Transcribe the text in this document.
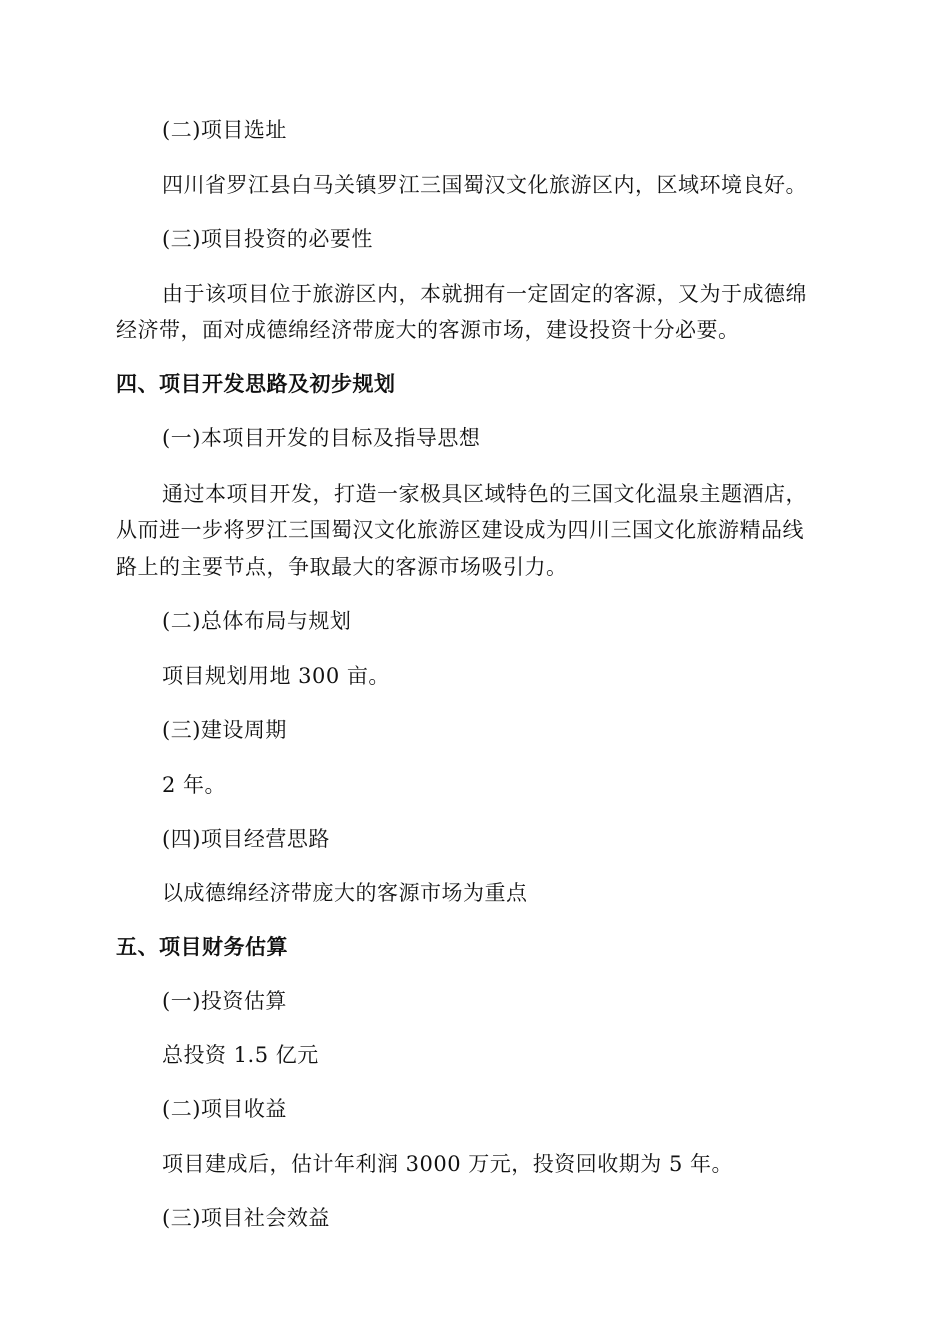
(二)项目选址
四川省罗江县白马关镇罗江三国蜀汉文化旅游区内，区域环境良好。
(三)项目投资的必要性
由于该项目位于旅游区内，本就拥有一定固定的客源，又为于成德绵
经济带，面对成德绵经济带庞大的客源市场，建设投资十分必要。
四、项目开发思路及初步规划
(一)本项目开发的目标及指导思想
通过本项目开发，打造一家极具区域特色的三国文化温泉主题酒店，
从而进一步将罗江三国蜀汉文化旅游区建设成为四川三国文化旅游精品线
路上的主要节点，争取最大的客源市场吸引力。
(二)总体布局与规划
项目规划用地 300 亩。
(三)建设周期
2 年。
(四)项目经营思路
以成德绵经济带庞大的客源市场为重点
五、项目财务估算
(一)投资估算
总投资 1.5 亿元
(二)项目收益
项目建成后，估计年利润 3000 万元，投资回收期为 5 年。
(三)项目社会效益
